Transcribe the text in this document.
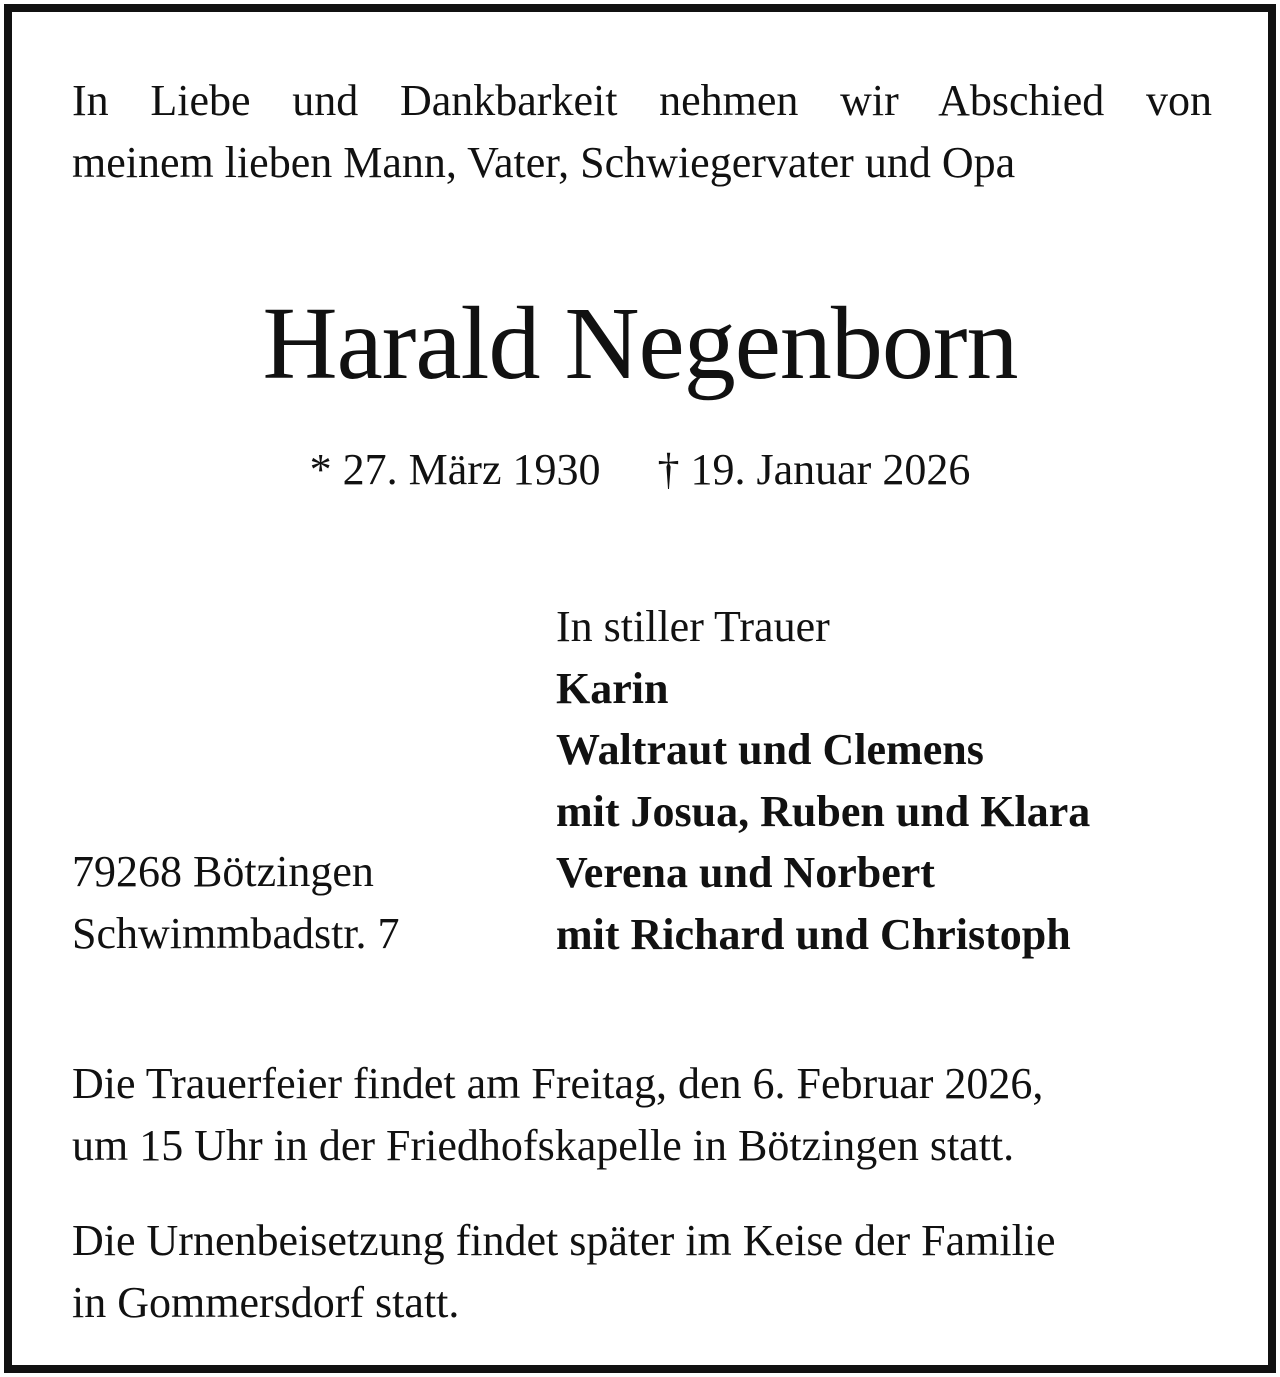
In Liebe und Dankbarkeit nehmen wir Abschied von
meinem lieben Mann, Vater, Schwiegervater und Opa
Harald Negenborn
* 27. März 1930 † 19. Januar 2026
In stiller Trauer
Karin
Waltraut und Clemens
mit Josua, Ruben und Klara
Verena und Norbert
mit Richard und Christoph
79268 Bötzingen
Schwimmbadstr. 7
Die Trauerfeier findet am Freitag, den 6. Februar 2026,
um 15 Uhr in der Friedhofskapelle in Bötzingen statt.
Die Urnenbeisetzung findet später im Keise der Familie
in Gommersdorf statt.
